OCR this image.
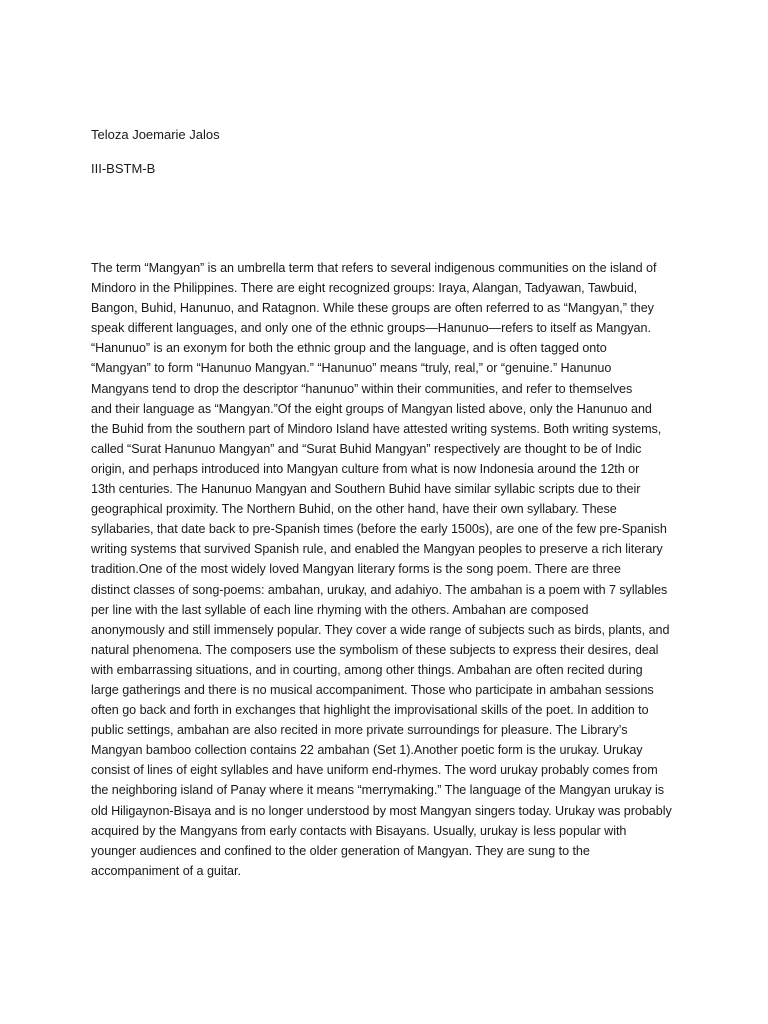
Teloza Joemarie Jalos
III-BSTM-B
The term “Mangyan” is an umbrella term that refers to several indigenous communities on the island of
Mindoro in the Philippines. There are eight recognized groups: Iraya, Alangan, Tadyawan, Tawbuid,
Bangon, Buhid, Hanunuo, and Ratagnon. While these groups are often referred to as “Mangyan,” they
speak different languages, and only one of the ethnic groups—Hanunuo—refers to itself as Mangyan.
“Hanunuo” is an exonym for both the ethnic group and the language, and is often tagged onto
“Mangyan” to form “Hanunuo Mangyan.” “Hanunuo” means “truly, real,” or “genuine.” Hanunuo
Mangyans tend to drop the descriptor “hanunuo” within their communities, and refer to themselves
and their language as “Mangyan.”Of the eight groups of Mangyan listed above, only the Hanunuo and
the Buhid from the southern part of Mindoro Island have attested writing systems. Both writing systems,
called “Surat Hanunuo Mangyan” and “Surat Buhid Mangyan” respectively are thought to be of Indic
origin, and perhaps introduced into Mangyan culture from what is now Indonesia around the 12th or
13th centuries. The Hanunuo Mangyan and Southern Buhid have similar syllabic scripts due to their
geographical proximity. The Northern Buhid, on the other hand, have their own syllabary. These
syllabaries, that date back to pre-Spanish times (before the early 1500s), are one of the few pre-Spanish
writing systems that survived Spanish rule, and enabled the Mangyan peoples to preserve a rich literary
tradition.One of the most widely loved Mangyan literary forms is the song poem. There are three
distinct classes of song-poems: ambahan, urukay, and adahiyo. The ambahan is a poem with 7 syllables
per line with the last syllable of each line rhyming with the others. Ambahan are composed
anonymously and still immensely popular. They cover a wide range of subjects such as birds, plants, and
natural phenomena. The composers use the symbolism of these subjects to express their desires, deal
with embarrassing situations, and in courting, among other things. Ambahan are often recited during
large gatherings and there is no musical accompaniment. Those who participate in ambahan sessions
often go back and forth in exchanges that highlight the improvisational skills of the poet. In addition to
public settings, ambahan are also recited in more private surroundings for pleasure. The Library’s
Mangyan bamboo collection contains 22 ambahan (Set 1).Another poetic form is the urukay. Urukay
consist of lines of eight syllables and have uniform end-rhymes. The word urukay probably comes from
the neighboring island of Panay where it means “merrymaking.” The language of the Mangyan urukay is
old Hiligaynon-Bisaya and is no longer understood by most Mangyan singers today. Urukay was probably
acquired by the Mangyans from early contacts with Bisayans. Usually, urukay is less popular with
younger audiences and confined to the older generation of Mangyan. They are sung to the
accompaniment of a guitar.
